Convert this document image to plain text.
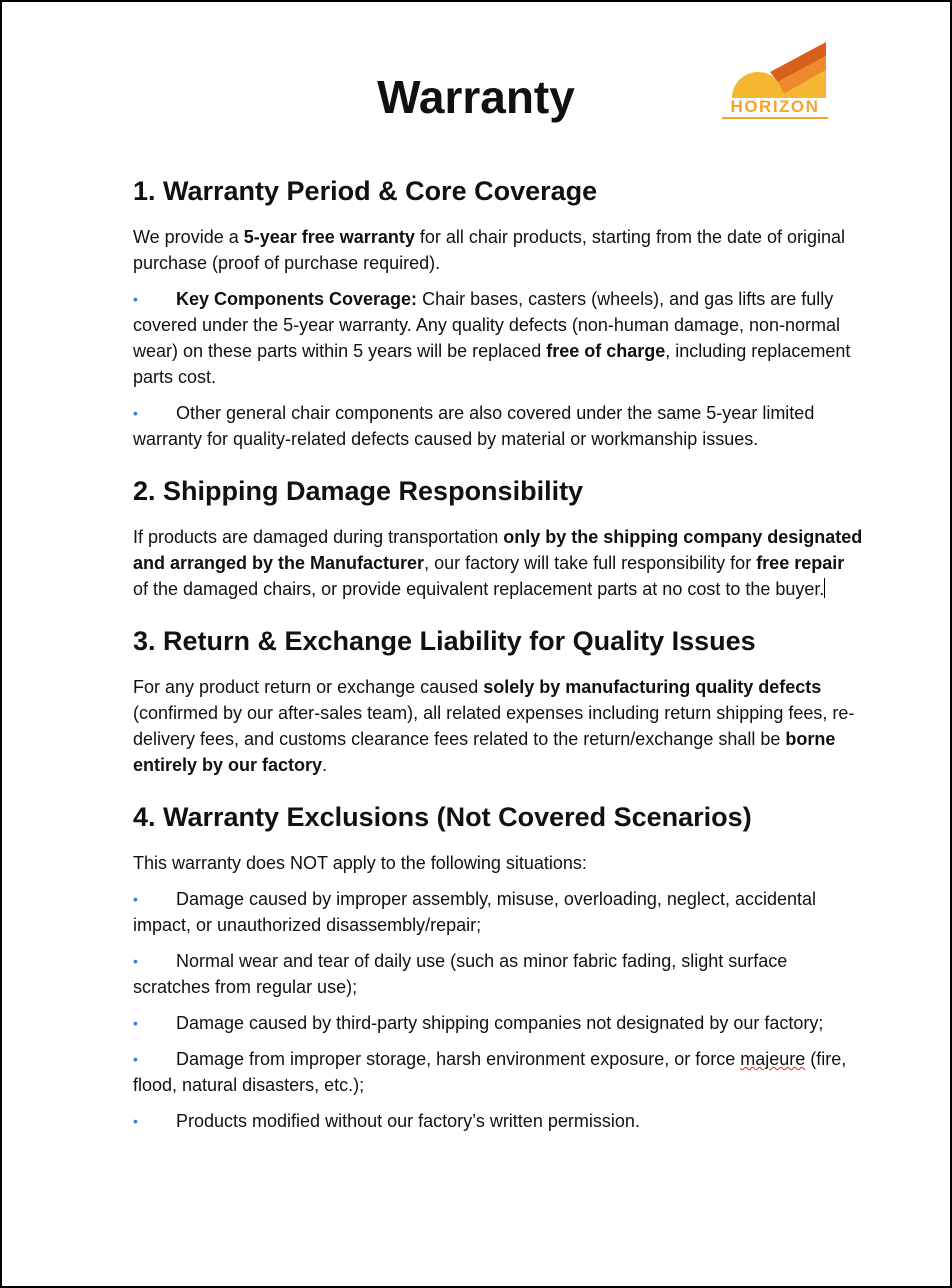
Warranty	HORIZON
1. Warranty Period & Core Coverage

We provide a 5-year free warranty for all chair products, starting from the date of original purchase (proof of purchase required).

• Key Components Coverage: Chair bases, casters (wheels), and gas lifts are fully covered under the 5-year warranty. Any quality defects (non-human damage, non-normal wear) on these parts within 5 years will be replaced free of charge, including replacement parts cost.

• Other general chair components are also covered under the same 5-year limited warranty for quality-related defects caused by material or workmanship issues.

2. Shipping Damage Responsibility

If products are damaged during transportation only by the shipping company designated and arranged by the Manufacturer, our factory will take full responsibility for free repair of the damaged chairs, or provide equivalent replacement parts at no cost to the buyer.

3. Return & Exchange Liability for Quality Issues

For any product return or exchange caused solely by manufacturing quality defects (confirmed by our after-sales team), all related expenses including return shipping fees, re-delivery fees, and customs clearance fees related to the return/exchange shall be borne entirely by our factory.

4. Warranty Exclusions (Not Covered Scenarios)

This warranty does NOT apply to the following situations:

• Damage caused by improper assembly, misuse, overloading, neglect, accidental impact, or unauthorized disassembly/repair;

• Normal wear and tear of daily use (such as minor fabric fading, slight surface scratches from regular use);

• Damage caused by third-party shipping companies not designated by our factory;

• Damage from improper storage, harsh environment exposure, or force majeure (fire, flood, natural disasters, etc.);

• Products modified without our factory’s written permission.
